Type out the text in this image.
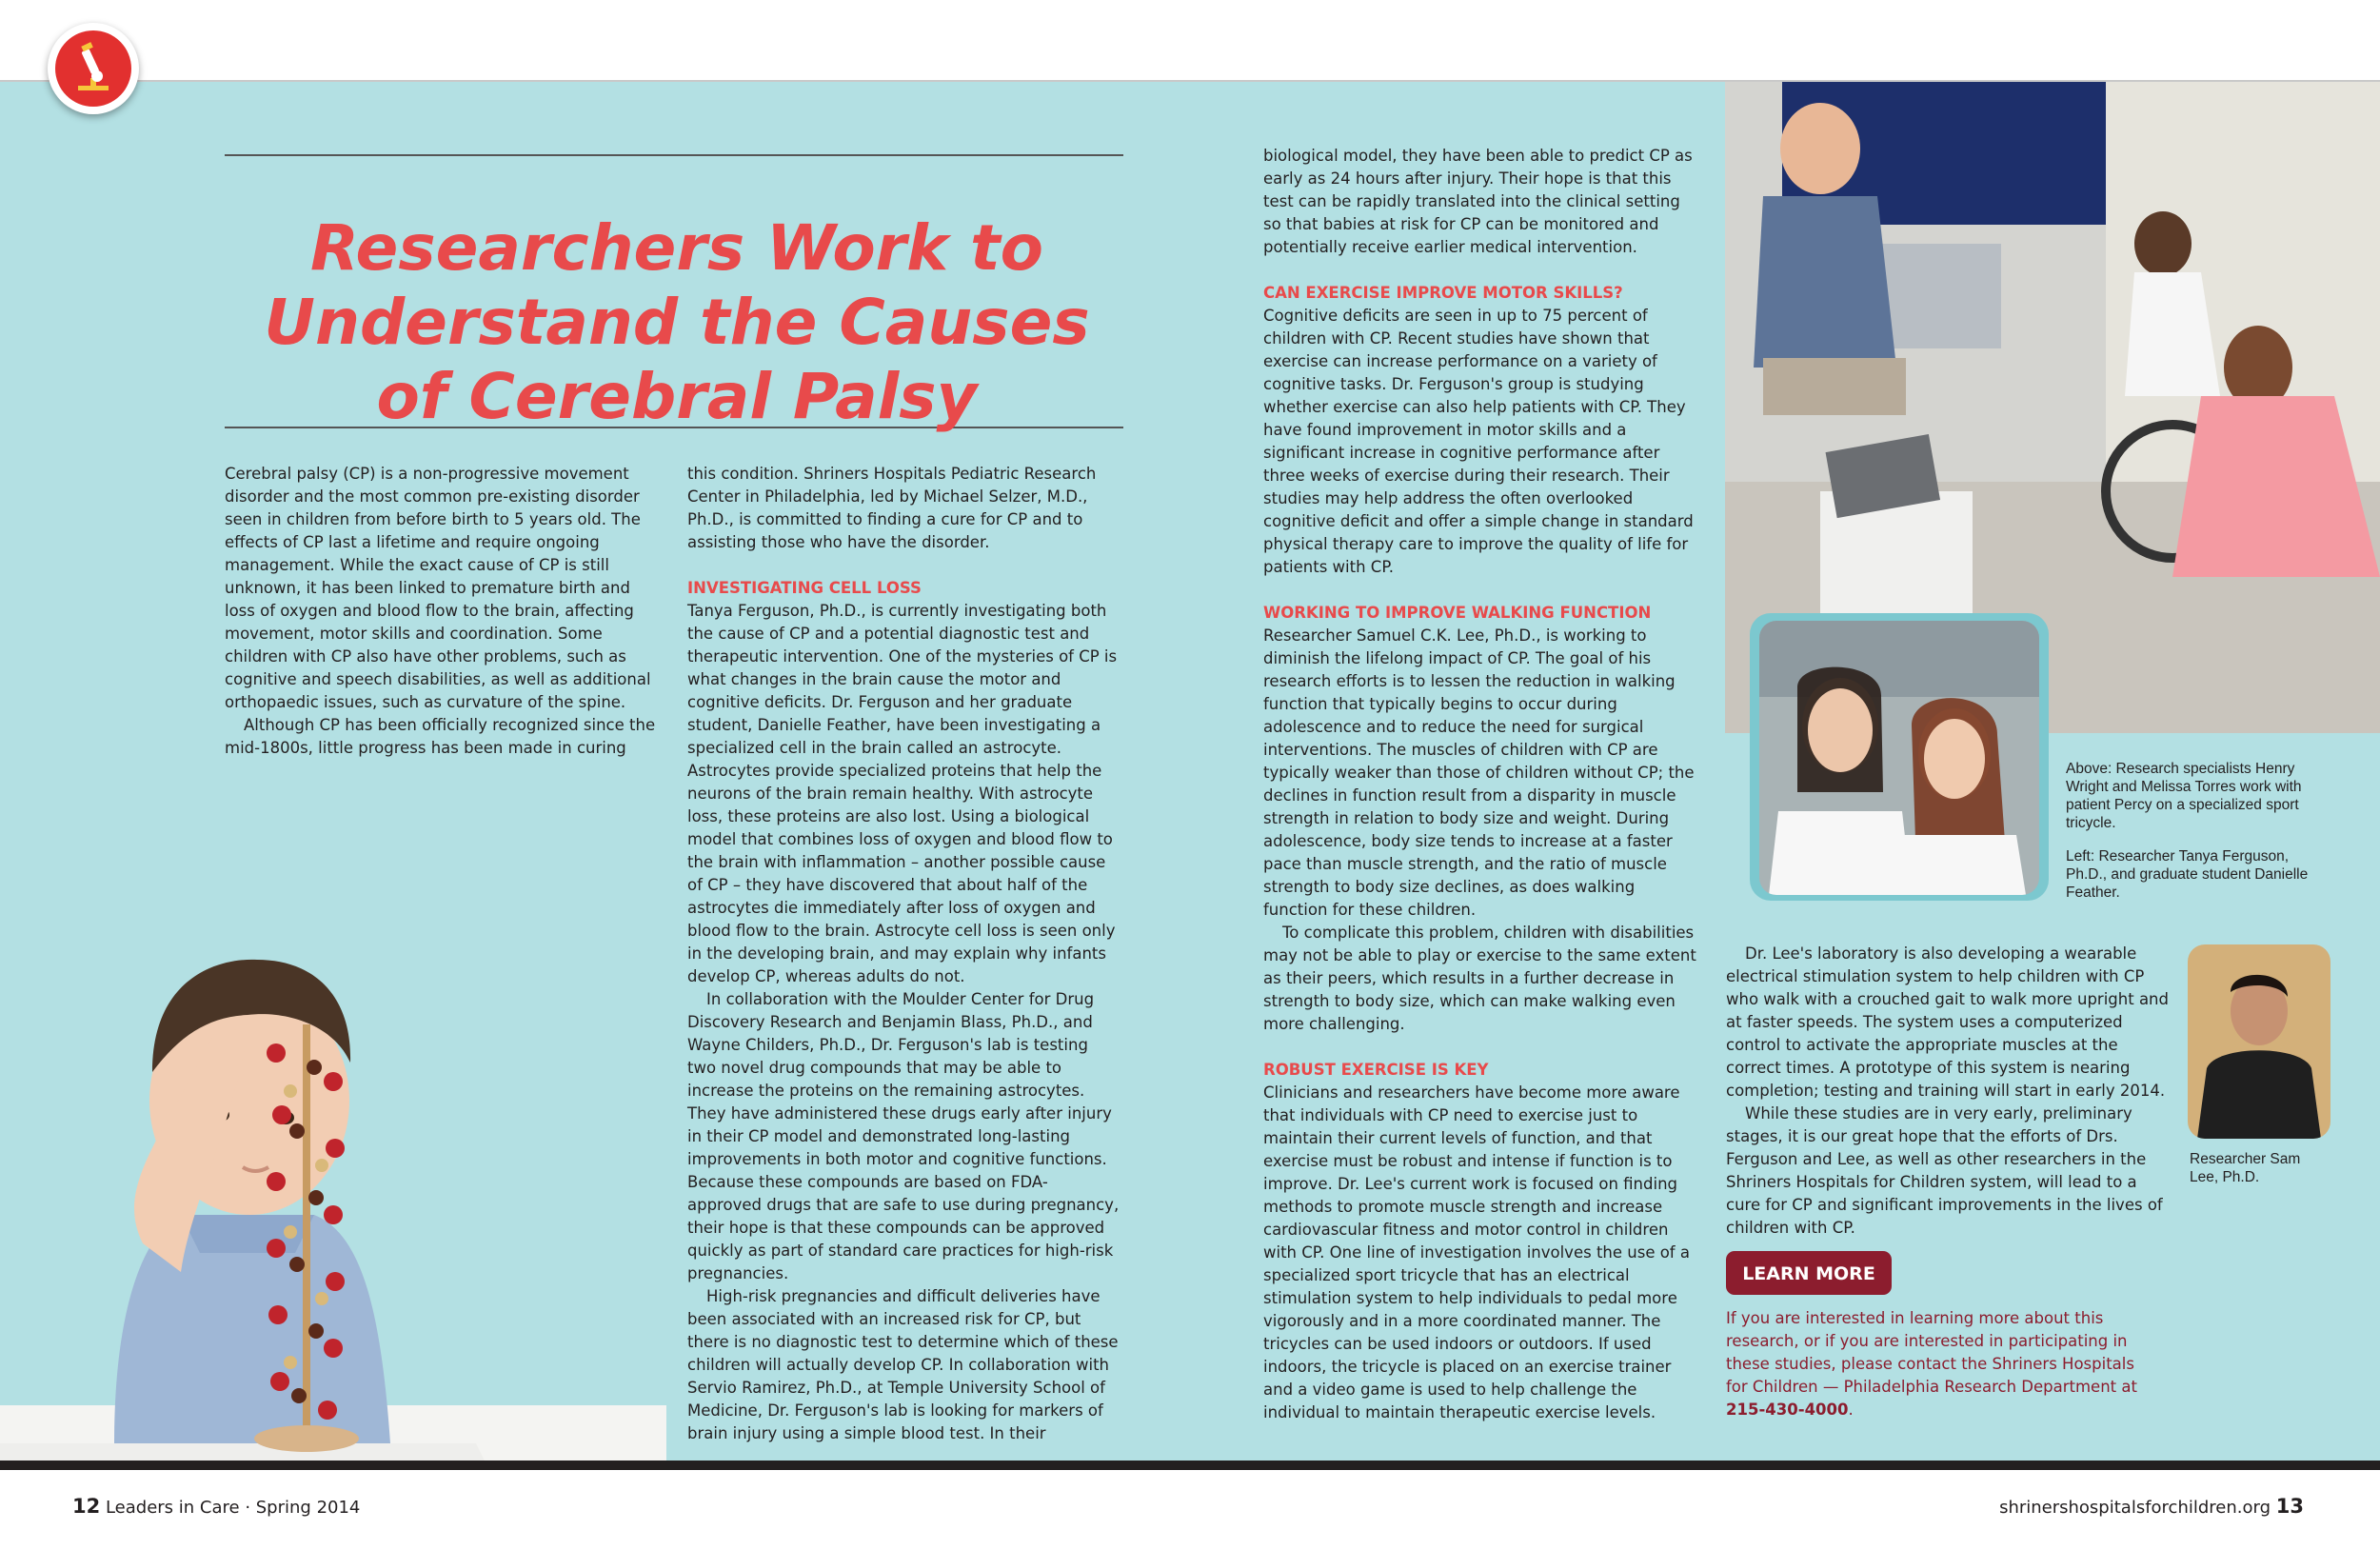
Researchers Work to
Understand the Causes
of Cerebral Palsy

Cerebral palsy (CP) is a non-progressive movement disorder and the most common pre-existing disorder seen in children from before birth to 5 years old. The effects of CP last a lifetime and require ongoing management. While the exact cause of CP is still unknown, it has been linked to premature birth and loss of oxygen and blood flow to the brain, affecting movement, motor skills and coordination. Some children with CP also have other problems, such as cognitive and speech disabilities, as well as additional orthopaedic issues, such as curvature of the spine.

Although CP has been officially recognized since the mid-1800s, little progress has been made in curing

this condition. Shriners Hospitals Pediatric Research Center in Philadelphia, led by Michael Selzer, M.D., Ph.D., is committed to finding a cure for CP and to assisting those who have the disorder.

INVESTIGATING CELL LOSS

Tanya Ferguson, Ph.D., is currently investigating both the cause of CP and a potential diagnostic test and therapeutic intervention. One of the mysteries of CP is what changes in the brain cause the motor and cognitive deficits. Dr. Ferguson and her graduate student, Danielle Feather, have been investigating a specialized cell in the brain called an astrocyte. Astrocytes provide specialized proteins that help the neurons of the brain remain healthy. With astrocyte loss, these proteins are also lost. Using a biological model that combines loss of oxygen and blood flow to the brain with inflammation – another possible cause of CP – they have discovered that about half of the astrocytes die immediately after loss of oxygen and blood flow to the brain. Astrocyte cell loss is seen only in the developing brain, and may explain why infants develop CP, whereas adults do not.

In collaboration with the Moulder Center for Drug Discovery Research and Benjamin Blass, Ph.D., and Wayne Childers, Ph.D., Dr. Ferguson's lab is testing two novel drug compounds that may be able to increase the proteins on the remaining astrocytes. They have administered these drugs early after injury in their CP model and demonstrated long-lasting improvements in both motor and cognitive functions. Because these compounds are based on FDA-approved drugs that are safe to use during pregnancy, their hope is that these compounds can be approved quickly as part of standard care practices for high-risk pregnancies.

High-risk pregnancies and difficult deliveries have been associated with an increased risk for CP, but there is no diagnostic test to determine which of these children will actually develop CP. In collaboration with Servio Ramirez, Ph.D., at Temple University School of Medicine, Dr. Ferguson's lab is looking for markers of brain injury using a simple blood test. In their

biological model, they have been able to predict CP as early as 24 hours after injury. Their hope is that this test can be rapidly translated into the clinical setting so that babies at risk for CP can be monitored and potentially receive earlier medical intervention.

CAN EXERCISE IMPROVE MOTOR SKILLS?

Cognitive deficits are seen in up to 75 percent of children with CP. Recent studies have shown that exercise can increase performance on a variety of cognitive tasks. Dr. Ferguson's group is studying whether exercise can also help patients with CP. They have found improvement in motor skills and a significant increase in cognitive performance after three weeks of exercise during their research. Their studies may help address the often overlooked cognitive deficit and offer a simple change in standard physical therapy care to improve the quality of life for patients with CP.

WORKING TO IMPROVE WALKING FUNCTION

Researcher Samuel C.K. Lee, Ph.D., is working to diminish the lifelong impact of CP. The goal of his research efforts is to lessen the reduction in walking function that typically begins to occur during adolescence and to reduce the need for surgical interventions. The muscles of children with CP are typically weaker than those of children without CP; the declines in function result from a disparity in muscle strength in relation to body size and weight. During adolescence, body size tends to increase at a faster pace than muscle strength, and the ratio of muscle strength to body size declines, as does walking function for these children.

To complicate this problem, children with disabilities may not be able to play or exercise to the same extent as their peers, which results in a further decrease in strength to body size, which can make walking even more challenging.

ROBUST EXERCISE IS KEY

Clinicians and researchers have become more aware that individuals with CP need to exercise just to maintain their current levels of function, and that exercise must be robust and intense if function is to improve. Dr. Lee's current work is focused on finding methods to promote muscle strength and increase cardiovascular fitness and motor control in children with CP. One line of investigation involves the use of a specialized sport tricycle that has an electrical stimulation system to help individuals to pedal more vigorously and in a more coordinated manner. The tricycles can be used indoors or outdoors. If used indoors, the tricycle is placed on an exercise trainer and a video game is used to help challenge the individual to maintain therapeutic exercise levels.

Dr. Lee's laboratory is also developing a wearable electrical stimulation system to help children with CP who walk with a crouched gait to walk more upright and at faster speeds. The system uses a computerized control to activate the appropriate muscles at the correct times. A prototype of this system is nearing completion; testing and training will start in early 2014.

While these studies are in very early, preliminary stages, it is our great hope that the efforts of Drs. Ferguson and Lee, as well as other researchers in the Shriners Hospitals for Children system, will lead to a cure for CP and significant improvements in the lives of children with CP.

Above: Research specialists Henry Wright and Melissa Torres work with patient Percy on a specialized sport tricycle.
Left: Researcher Tanya Ferguson, Ph.D., and graduate student Danielle Feather.
Researcher Sam Lee, Ph.D.
LEARN MORE
If you are interested in learning more about this research, or if you are interested in participating in these studies, please contact the Shriners Hospitals for Children — Philadelphia Research Department at 215-430-4000.
12 Leaders in Care · Spring 2014	shrinershospitalsforchildren.org 13
